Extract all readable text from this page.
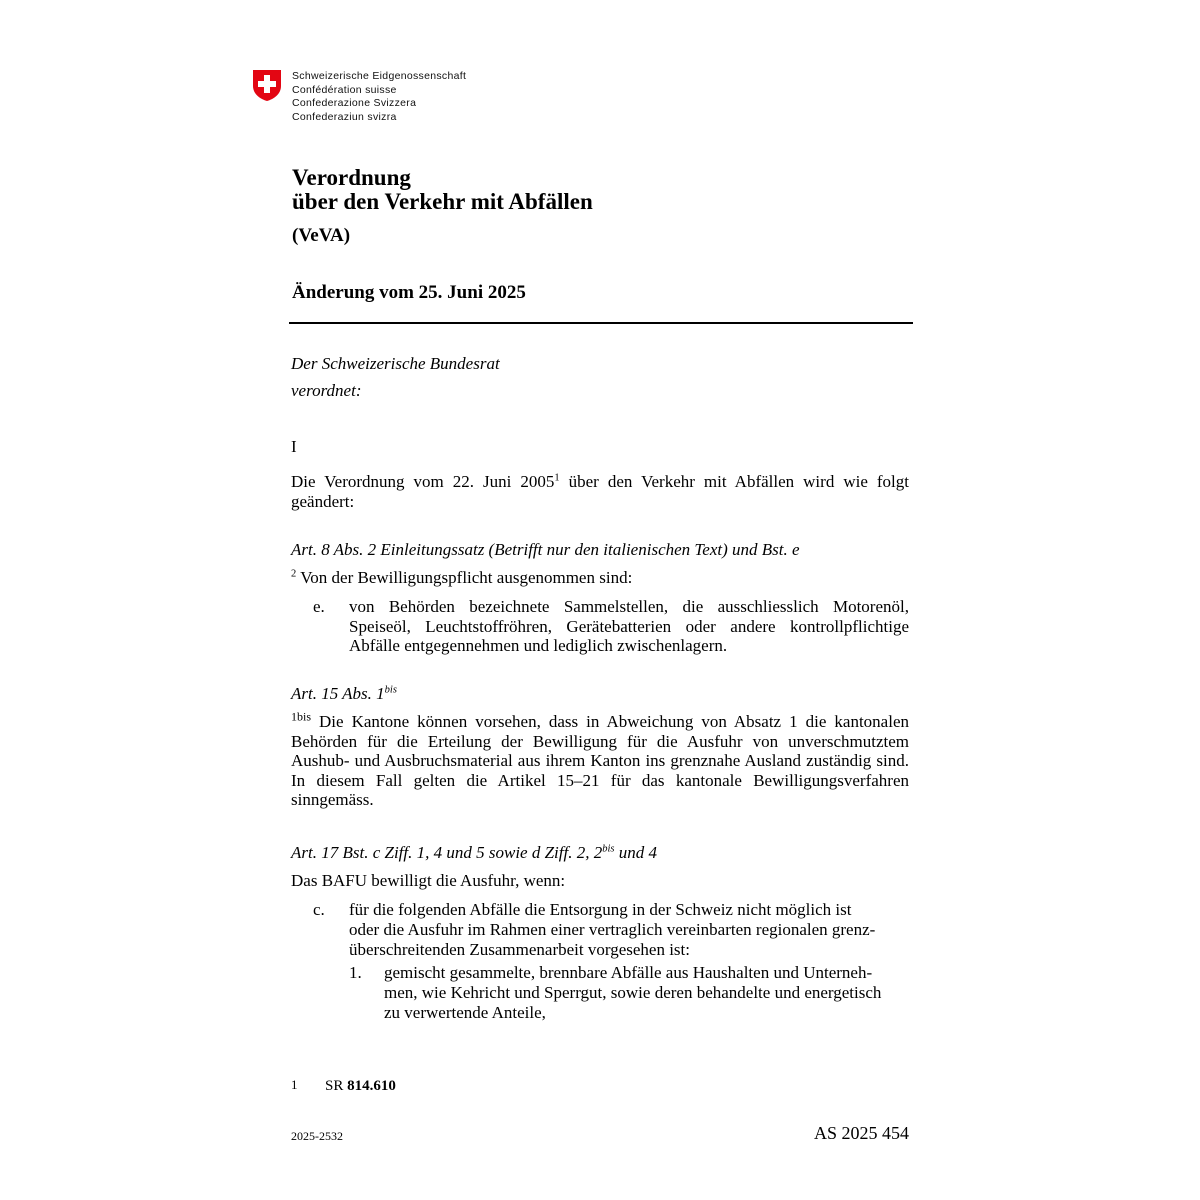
Schweizerische Eidgenossenschaft
Confédération suisse
Confederazione Svizzera
Confederaziun svizra
Verordnung
über den Verkehr mit Abfällen
(VeVA)
Änderung vom 25. Juni 2025
Der Schweizerische Bundesrat
verordnet:
I
Die Verordnung vom 22. Juni 2005$^1$ über den Verkehr mit Abfällen wird wie folgt geändert:
Art. 8 Abs. 2 Einleitungssatz (Betrifft nur den italienischen Text) und Bst. e
$^2$ Von der Bewilligungspflicht ausgenommen sind:
e. von Behörden bezeichnete Sammelstellen, die ausschliesslich Motorenöl, Speiseöl, Leuchtstoffröhren, Gerätebatterien oder andere kontrollpflichtige Abfälle entgegennehmen und lediglich zwischenlagern.
Art. 15 Abs. $1^{bis}$
$^{1bis}$ Die Kantone können vorsehen, dass in Abweichung von Absatz 1 die kantonalen Behörden für die Erteilung der Bewilligung für die Ausfuhr von unverschmutztem Aushub- und Ausbruchsmaterial aus ihrem Kanton ins grenznahe Ausland zuständig sind. In diesem Fall gelten die Artikel 15–21 für das kantonale Bewilligungsverfahren sinngemäss.
Art. 17 Bst. c Ziff. 1, 4 und 5 sowie d Ziff. 2, $2^{bis}$ und 4
Das BAFU bewilligt die Ausfuhr, wenn:
c. für die folgenden Abfälle die Entsorgung in der Schweiz nicht möglich ist
oder die Ausfuhr im Rahmen einer vertraglich vereinbarten regionalen grenz-
überschreitenden Zusammenarbeit vorgesehen ist:
1. gemischt gesammelte, brennbare Abfälle aus Haushalten und Unterneh-
men, wie Kehricht und Sperrgut, sowie deren behandelte und energetisch
zu verwertende Anteile,
1 SR 814.610
2025-2532	AS 2025 454
